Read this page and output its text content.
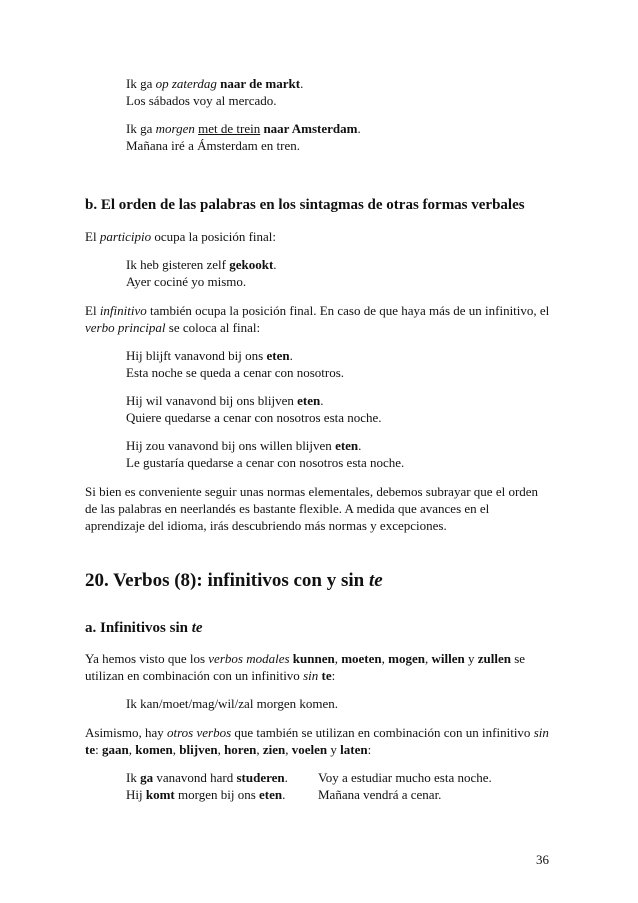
Ik ga op zaterdag naar de markt.
Los sábados voy al mercado.
Ik ga morgen met de trein naar Amsterdam.
Mañana iré a Ámsterdam en tren.
b. El orden de las palabras en los sintagmas de otras formas verbales
El participio ocupa la posición final:
Ik heb gisteren zelf gekookt.
Ayer cociné yo mismo.
El infinitivo también ocupa la posición final. En caso de que haya más de un infinitivo, el
verbo principal se coloca al final:
Hij blijft vanavond bij ons eten.
Esta noche se queda a cenar con nosotros.
Hij wil vanavond bij ons blijven eten.
Quiere quedarse a cenar con nosotros esta noche.
Hij zou vanavond bij ons willen blijven eten.
Le gustaría quedarse a cenar con nosotros esta noche.
Si bien es conveniente seguir unas normas elementales, debemos subrayar que el orden
de las palabras en neerlandés es bastante flexible. A medida que avances en el
aprendizaje del idioma, irás descubriendo más normas y excepciones.
20. Verbos (8): infinitivos con y sin te
a. Infinitivos sin te
Ya hemos visto que los verbos modales kunnen, moeten, mogen, willen y zullen se
utilizan en combinación con un infinitivo sin te:
Ik kan/moet/mag/wil/zal morgen komen.
Asimismo, hay otros verbos que también se utilizan en combinación con un infinitivo sin
te: gaan, komen, blijven, horen, zien, voelen y laten:
Ik ga vanavond hard studeren. Voy a estudiar mucho esta noche.
Hij komt morgen bij ons eten.	Mañana vendrá a cenar.
36
